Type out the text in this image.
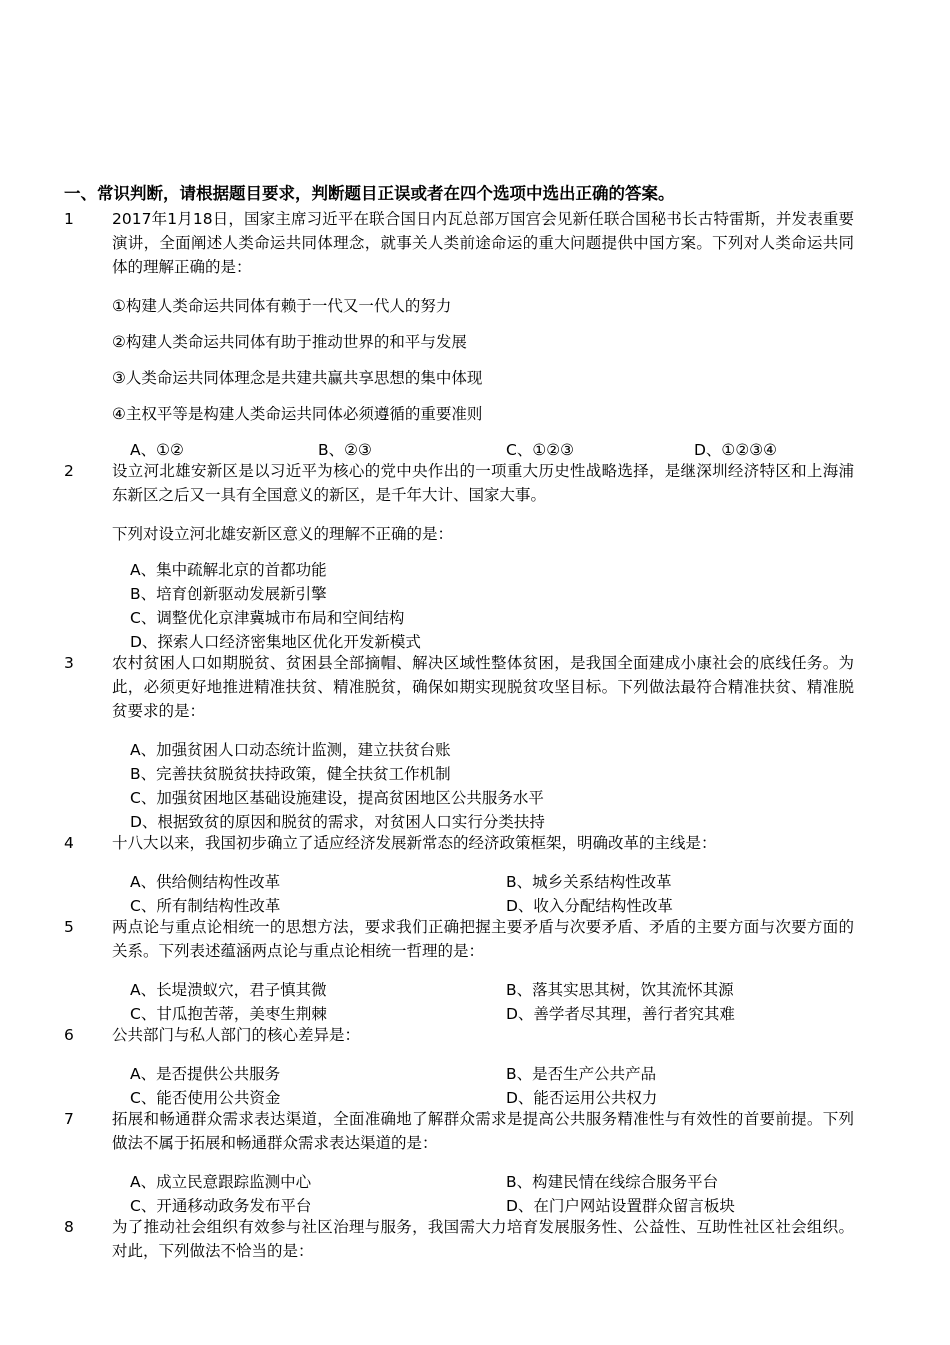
一、常识判断，请根据题目要求，判断题目正误或者在四个选项中选出正确的答案。
1 2017年1月18日，国家主席习近平在联合国日内瓦总部万国宫会见新任联合国秘书长古特雷斯，并发表重要演讲，全面阐述人类命运共同体理念，就事关人类前途命运的重大问题提供中国方案。下列对人类命运共同体的理解正确的是：
①构建人类命运共同体有赖于一代又一代人的努力
②构建人类命运共同体有助于推动世界的和平与发展
③人类命运共同体理念是共建共赢共享思想的集中体现
④主权平等是构建人类命运共同体必须遵循的重要准则
A、①②	B、②③	C、①②③	D、①②③④
2 设立河北雄安新区是以习近平为核心的党中央作出的一项重大历史性战略选择，是继深圳经济特区和上海浦东新区之后又一具有全国意义的新区，是千年大计、国家大事。
下列对设立河北雄安新区意义的理解不正确的是：
A、集中疏解北京的首都功能
B、培育创新驱动发展新引擎
C、调整优化京津冀城市布局和空间结构
D、探索人口经济密集地区优化开发新模式
3 农村贫困人口如期脱贫、贫困县全部摘帽、解决区域性整体贫困，是我国全面建成小康社会的底线任务。为此，必须更好地推进精准扶贫、精准脱贫，确保如期实现脱贫攻坚目标。下列做法最符合精准扶贫、精准脱贫要求的是：
A、加强贫困人口动态统计监测，建立扶贫台账
B、完善扶贫脱贫扶持政策，健全扶贫工作机制
C、加强贫困地区基础设施建设，提高贫困地区公共服务水平
D、根据致贫的原因和脱贫的需求，对贫困人口实行分类扶持
4 十八大以来，我国初步确立了适应经济发展新常态的经济政策框架，明确改革的主线是：
A、供给侧结构性改革	B、城乡关系结构性改革
C、所有制结构性改革	D、收入分配结构性改革
5 两点论与重点论相统一的思想方法，要求我们正确把握主要矛盾与次要矛盾、矛盾的主要方面与次要方面的关系。下列表述蕴涵两点论与重点论相统一哲理的是：
A、长堤溃蚁穴，君子慎其微	B、落其实思其树，饮其流怀其源
C、甘瓜抱苦蒂，美枣生荆棘	D、善学者尽其理，善行者究其难
6 公共部门与私人部门的核心差异是：
A、是否提供公共服务	B、是否生产公共产品
C、能否使用公共资金	D、能否运用公共权力
7 拓展和畅通群众需求表达渠道，全面准确地了解群众需求是提高公共服务精准性与有效性的首要前提。下列做法不属于拓展和畅通群众需求表达渠道的是：
A、成立民意跟踪监测中心	B、构建民情在线综合服务平台
C、开通移动政务发布平台	D、在门户网站设置群众留言板块
8 为了推动社会组织有效参与社区治理与服务，我国需大力培育发展服务性、公益性、互助性社区社会组织。对此，下列做法不恰当的是：
